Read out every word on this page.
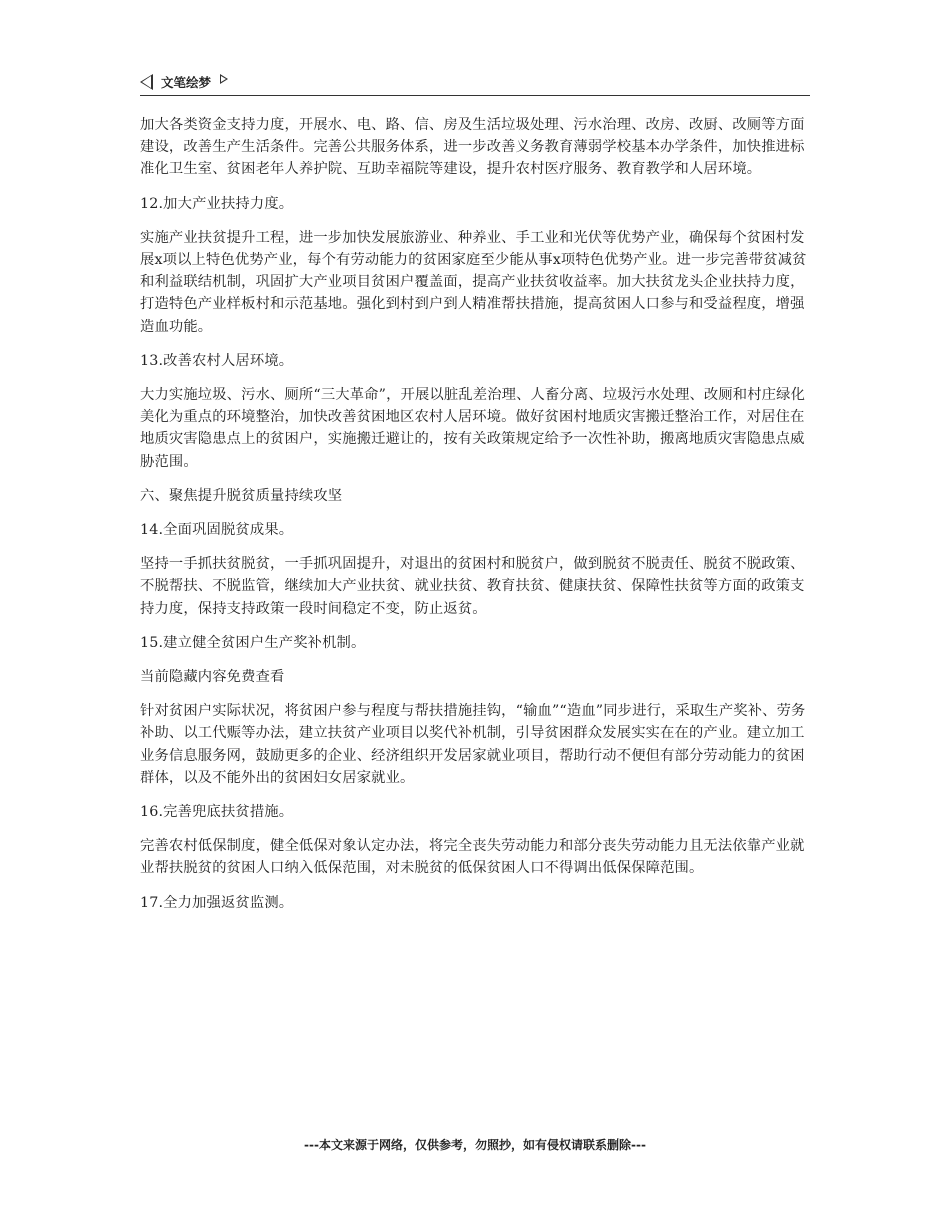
文笔绘梦

加大各类资金支持力度，开展水、电、路、信、房及生活垃圾处理、污水治理、改房、改厨、改厕等方面建设，改善生产生活条件。完善公共服务体系，进一步改善义务教育薄弱学校基本办学条件，加快推进标准化卫生室、贫困老年人养护院、互助幸福院等建设，提升农村医疗服务、教育教学和人居环境。

12.加大产业扶持力度。

实施产业扶贫提升工程，进一步加快发展旅游业、种养业、手工业和光伏等优势产业，确保每个贫困村发展x项以上特色优势产业，每个有劳动能力的贫困家庭至少能从事x项特色优势产业。进一步完善带贫减贫和利益联结机制，巩固扩大产业项目贫困户覆盖面，提高产业扶贫收益率。加大扶贫龙头企业扶持力度，打造特色产业样板村和示范基地。强化到村到户到人精准帮扶措施，提高贫困人口参与和受益程度，增强造血功能。

13.改善农村人居环境。

大力实施垃圾、污水、厕所“三大革命”，开展以脏乱差治理、人畜分离、垃圾污水处理、改厕和村庄绿化美化为重点的环境整治，加快改善贫困地区农村人居环境。做好贫困村地质灾害搬迁整治工作，对居住在地质灾害隐患点上的贫困户，实施搬迁避让的，按有关政策规定给予一次性补助，搬离地质灾害隐患点威胁范围。

六、聚焦提升脱贫质量持续攻坚

14.全面巩固脱贫成果。

坚持一手抓扶贫脱贫，一手抓巩固提升，对退出的贫困村和脱贫户，做到脱贫不脱责任、脱贫不脱政策、不脱帮扶、不脱监管，继续加大产业扶贫、就业扶贫、教育扶贫、健康扶贫、保障性扶贫等方面的政策支持力度，保持支持政策一段时间稳定不变，防止返贫。

15.建立健全贫困户生产奖补机制。

当前隐藏内容免费查看

针对贫困户实际状况，将贫困户参与程度与帮扶措施挂钩，“输血”“造血”同步进行，采取生产奖补、劳务补助、以工代赈等办法，建立扶贫产业项目以奖代补机制，引导贫困群众发展实实在在的产业。建立加工业务信息服务网，鼓励更多的企业、经济组织开发居家就业项目，帮助行动不便但有部分劳动能力的贫困群体，以及不能外出的贫困妇女居家就业。

16.完善兜底扶贫措施。

完善农村低保制度，健全低保对象认定办法，将完全丧失劳动能力和部分丧失劳动能力且无法依靠产业就业帮扶脱贫的贫困人口纳入低保范围，对未脱贫的低保贫困人口不得调出低保保障范围。

17.全力加强返贫监测。

---本文来源于网络，仅供参考，勿照抄，如有侵权请联系删除---
